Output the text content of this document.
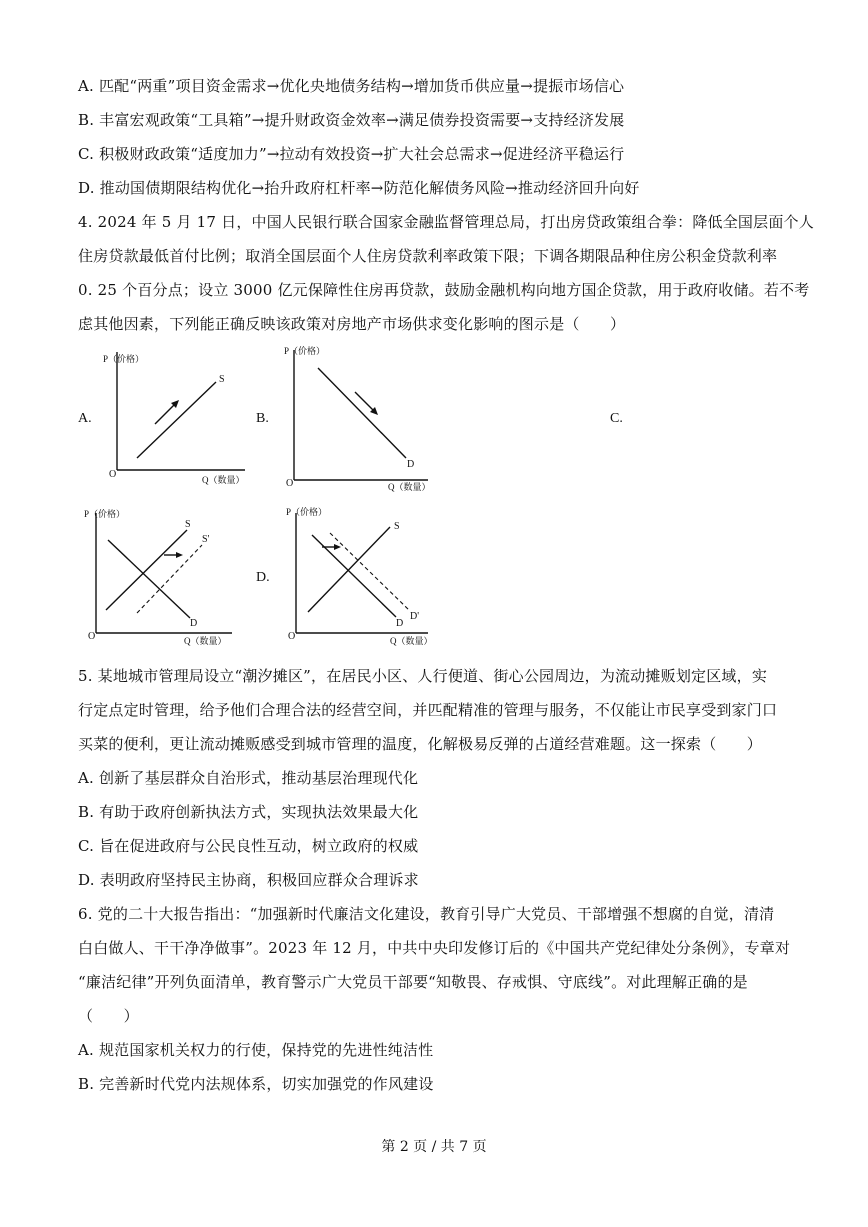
A. 匹配“两重”项目资金需求→优化央地债务结构→增加货币供应量→提振市场信心
B. 丰富宏观政策“工具箱”→提升财政资金效率→满足债券投资需要→支持经济发展
C. 积极财政政策“适度加力”→拉动有效投资→扩大社会总需求→促进经济平稳运行
D. 推动国债期限结构优化→抬升政府杠杆率→防范化解债务风险→推动经济回升向好
4. 2024 年 5 月 17 日，中国人民银行联合国家金融监督管理总局，打出房贷政策组合拳：降低全国层面个人
住房贷款最低首付比例；取消全国层面个人住房贷款利率政策下限；下调各期限品种住房公积金贷款利率
0. 25 个百分点；设立 3000 亿元保障性住房再贷款，鼓励金融机构向地方国企贷款，用于政府收储。若不考
虑其他因素，下列能正确反映该政策对房地产市场供求变化影响的图示是（　　）
A.	B.	C.
D.
P（价格）
Q（数量）
O
S
P（价格）
Q（数量）
O
D
P（价格）
Q（数量）
O
S
S'
D
P（价格）
Q（数量）
O
S
D
D'
5. 某地城市管理局设立“潮汐摊区”，在居民小区、人行便道、街心公园周边，为流动摊贩划定区域，实
行定点定时管理，给予他们合理合法的经营空间，并匹配精准的管理与服务，不仅能让市民享受到家门口
买菜的便利，更让流动摊贩感受到城市管理的温度，化解极易反弹的占道经营难题。这一探索（　　）
A. 创新了基层群众自治形式，推动基层治理现代化
B. 有助于政府创新执法方式，实现执法效果最大化
C. 旨在促进政府与公民良性互动，树立政府的权威
D. 表明政府坚持民主协商，积极回应群众合理诉求
6. 党的二十大报告指出：“加强新时代廉洁文化建设，教育引导广大党员、干部增强不想腐的自觉，清清
白白做人、干干净净做事”。2023 年 12 月，中共中央印发修订后的《中国共产党纪律处分条例》，专章对
“廉洁纪律”开列负面清单，教育警示广大党员干部要“知敬畏、存戒惧、守底线”。对此理解正确的是
（　　）
A. 规范国家机关权力的行使，保持党的先进性纯洁性
B. 完善新时代党内法规体系，切实加强党的作风建设
第 2 页 / 共 7 页
